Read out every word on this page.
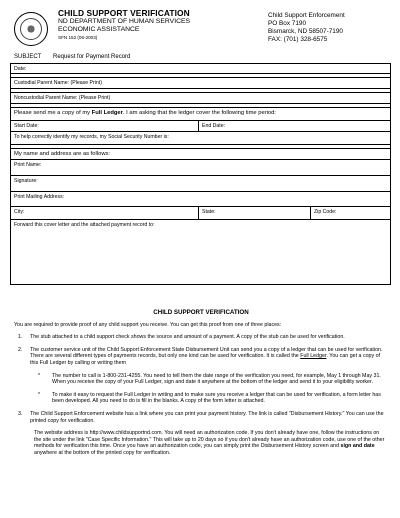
CHILD SUPPORT VERIFICATION
ND DEPARTMENT OF HUMAN SERVICES
ECONOMIC ASSISTANCE
SFN 152 (06-2003)
Child Support Enforcement
PO Box 7190
Bismarck, ND 58507-7190
FAX: (701) 328-6575
SUBJECT Request for Payment Record
Date:
Custodial Parent Name: (Please Print)
Noncustodial Parent Name: (Please Print)
Please send me a copy of my Full Ledger. I am asking that the ledger cover the following time period:
Start Date:	End Date:
To help correctly identify my records, my Social Security Number is:
My name and address are as follows:
Print Name:
Signature:
Print Mailing Address:
City:	State:	Zip Code:
Forward this cover letter and the attached payment record to:
CHILD SUPPORT VERIFICATION
You are required to provide proof of any child support you receive. You can get this proof from one of three places:
1.	The stub attached to a child support check shows the source and amount of a payment. A copy of the stub can be used for verification.
2.	The customer service unit of the Child Support Enforcement State Disbursement Unit can send you a copy of a ledger that can be used for verification. There are several different types of payments records, but only one kind can be used for verification. It is called the Full Ledger. You can get a copy of this Full Ledger by calling or writing them
*	The number to call is 1-800-231-4255. You need to tell them the date range of the verification you need, for example, May 1 through May 31. When you receive the copy of your Full Ledger, sign and date it anywhere at the bottom of the ledger and send it to your eligibility worker.
*	To make it easy to request the Full Ledger in writing and to make sure you receive a ledger that can be used for verification, a form letter has been developed. All you need to do is fill in the blanks. A copy of the form letter is attached.
3.	The Child Support Enforcement website has a link where you can print your payment history. The link is called "Disbursement History." You can use the printed copy for verification.
The website address is http://www.childsupportnd.com. You will need an authorization code. If you don't already have one, follow the instructions on the site under the link "Case Specific Information." This will take up to 20 days so if you don't already have an authorization code, use one of the other methods for verification this time. Once you have an authorization code, you can simply print the Disbursement History screen and sign and date anywhere at the bottom of the printed copy for verification.
